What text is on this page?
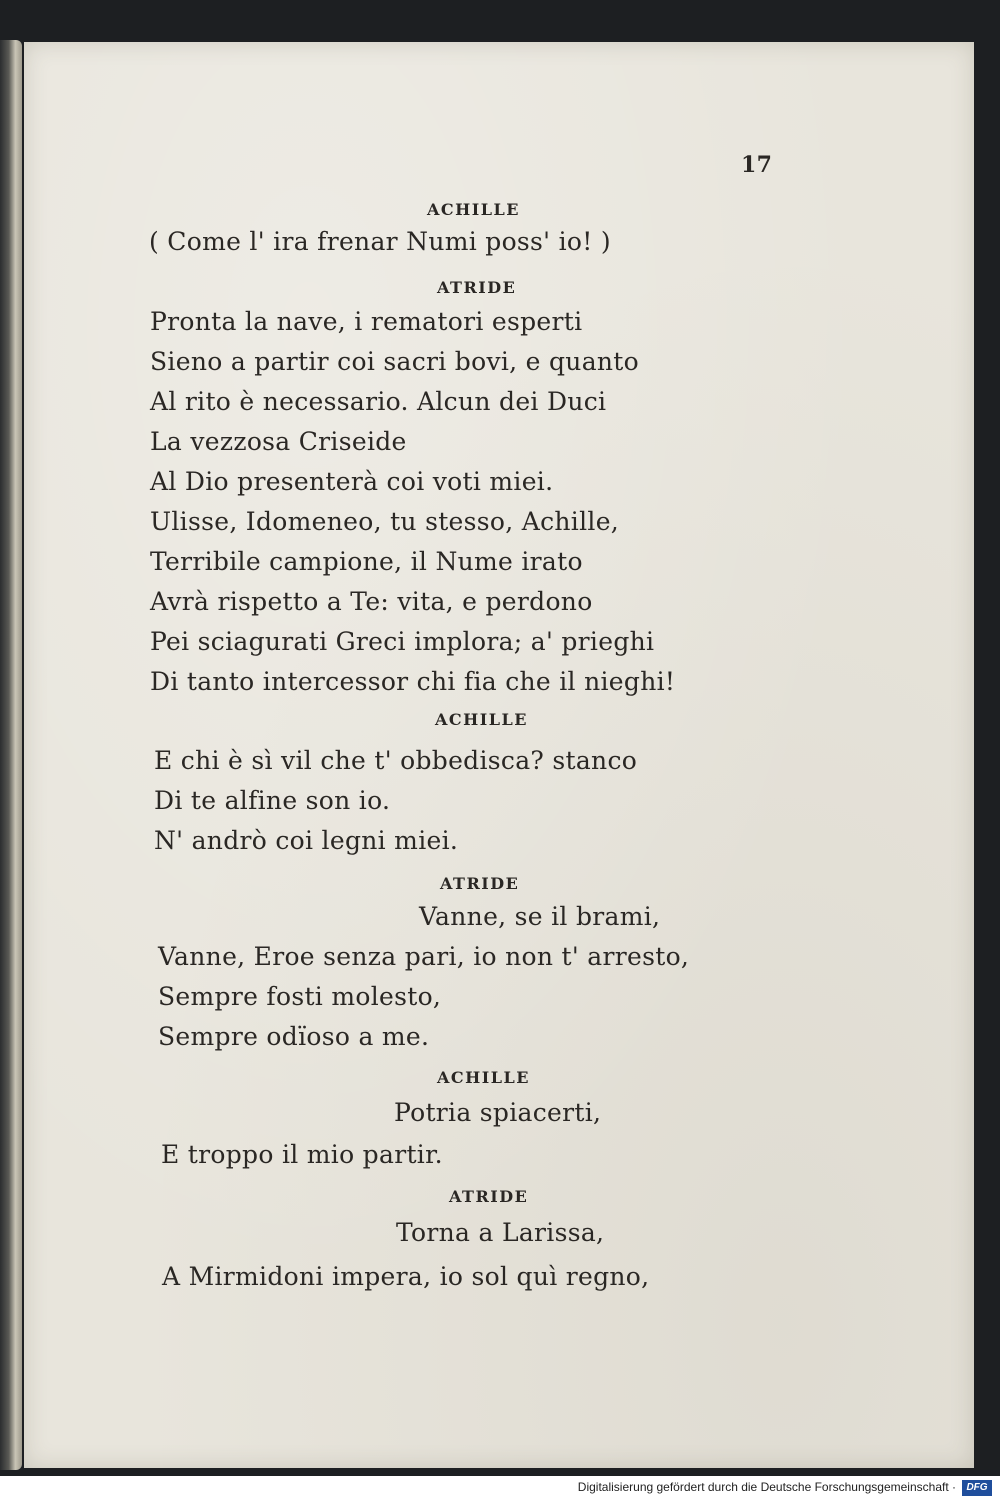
17
ACHILLE
( Come l' ira frenar Numi poss' io! )
ATRIDE
Pronta la nave, i rematori esperti
Sieno a partir coi sacri bovi, e quanto
Al rito è necessario. Alcun dei Duci
La vezzosa Criseide
Al Dio presenterà coi voti miei.
Ulisse, Idomeneo, tu stesso, Achille,
Terribile campione, il Nume irato
Avrà rispetto a Te: vita, e perdono
Pei sciagurati Greci implora; a' prieghi
Di tanto intercessor chi fia che il nieghi!
ACHILLE
E chi è sì vil che t' obbedisca? stanco
Di te alfine son io.
N' andrò coi legni miei.
ATRIDE
Vanne, se il brami,
Vanne, Eroe senza pari, io non t' arresto,
Sempre fosti molesto,
Sempre odïoso a me.
ACHILLE
Potria spiacerti,
E troppo il mio partir.
ATRIDE
Torna a Larissa,
A Mirmidoni impera, io sol quì regno,
Digitalisierung gefördert durch die Deutsche Forschungsgemeinschaft ·	DFG
